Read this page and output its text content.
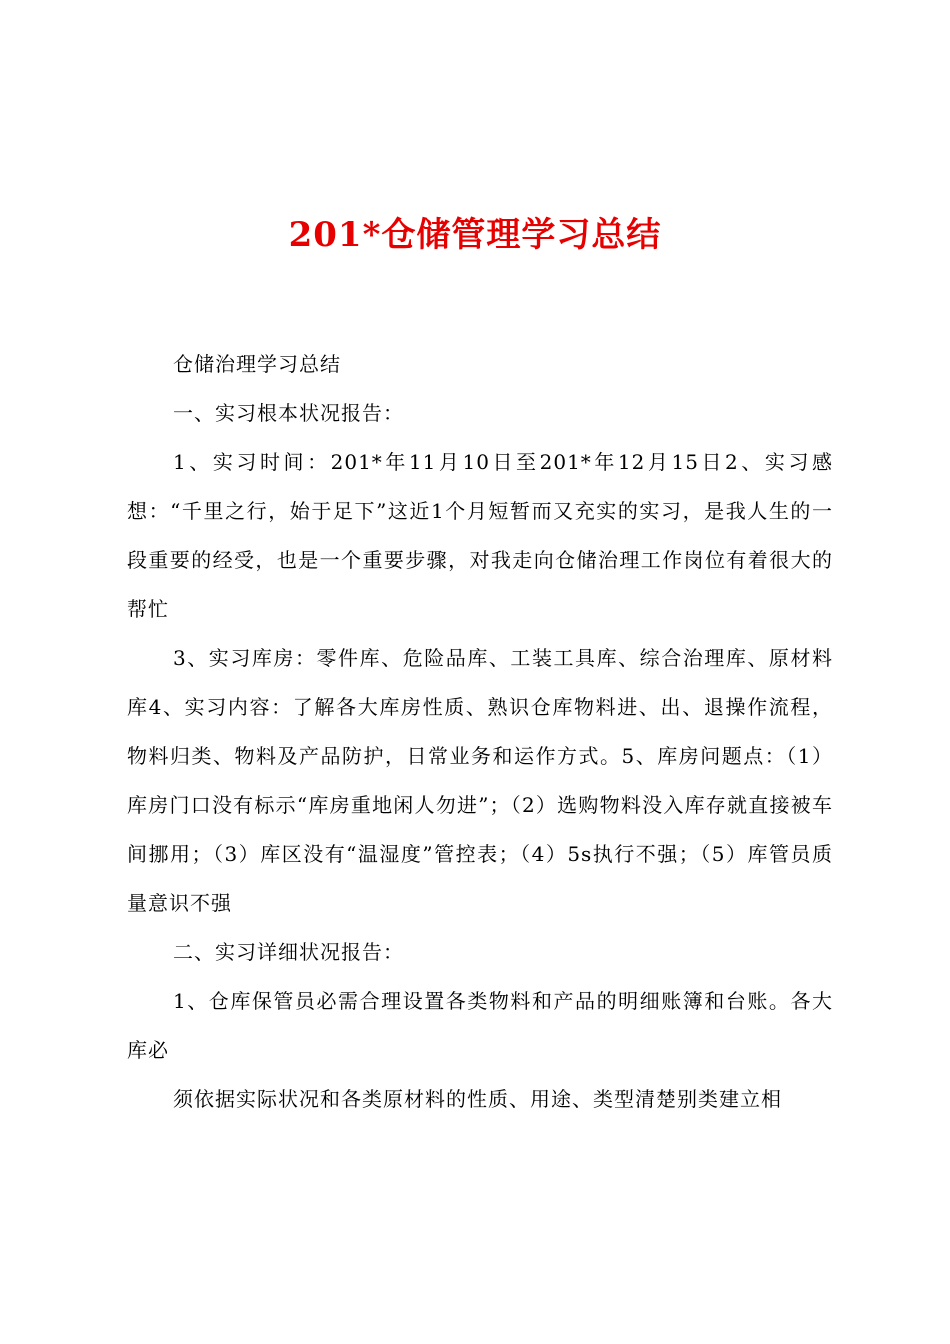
201*仓储管理学习总结

仓储治理学习总结

一、实习根本状况报告：

1、实习时间：201*年11月10日至201*年12月15日2、实习感想：“千里之行，始于足下”这近1个月短暂而又充实的实习，是我人生的一段重要的经受，也是一个重要步骤，对我走向仓储治理工作岗位有着很大的帮忙

3、实习库房：零件库、危险品库、工装工具库、综合治理库、原材料库4、实习内容：了解各大库房性质、熟识仓库物料进、出、退操作流程，物料归类、物料及产品防护，日常业务和运作方式。5、库房问题点：（1）库房门口没有标示“库房重地闲人勿进”；（2）选购物料没入库存就直接被车间挪用；（3）库区没有“温湿度”管控表；（4）5s执行不强；（5）库管员质量意识不强

二、实习详细状况报告：

1、仓库保管员必需合理设置各类物料和产品的明细账簿和台账。各大库必

须依据实际状况和各类原材料的性质、用途、类型清楚别类建立相
